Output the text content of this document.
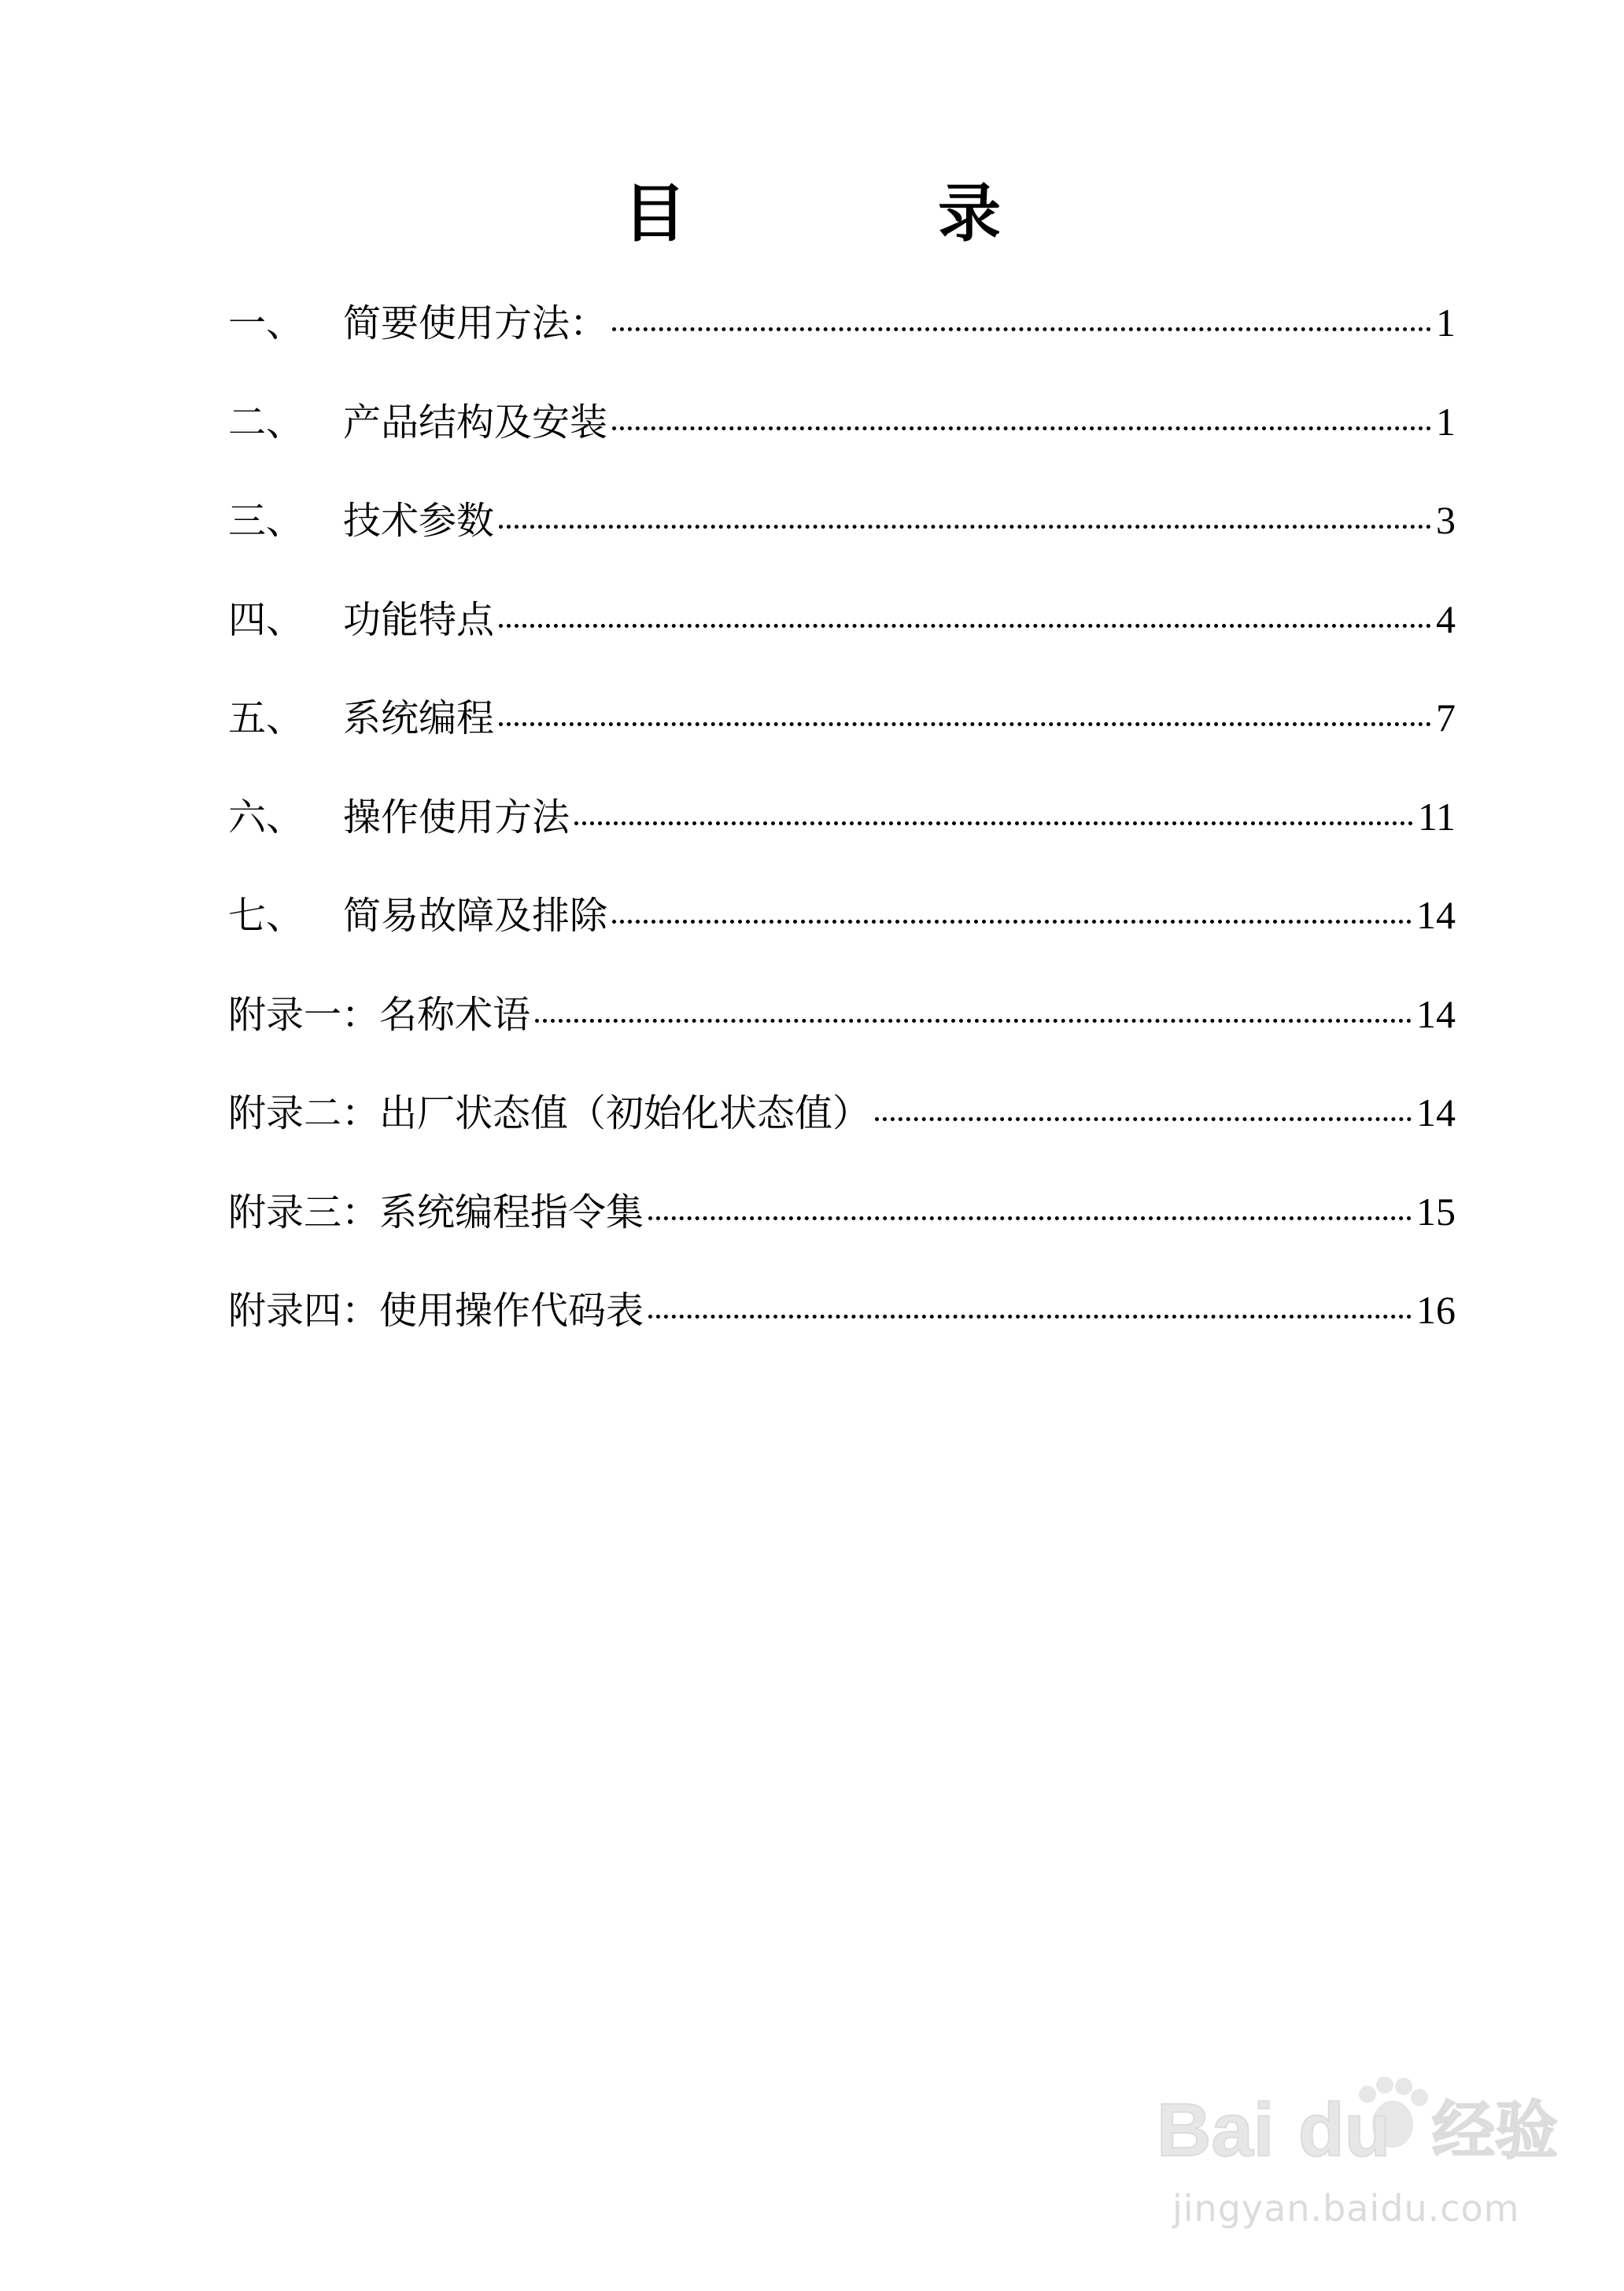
目　录
一、	简要使用方法：	1
二、	产品结构及安装	1
三、	技术参数	3
四、	功能特点	4
五、	系统编程	7
六、	操作使用方法	11
七、	简易故障及排除	14
附录一： 名称术语	14
附录二： 出厂状态值（初始化状态值）	14
附录三： 系统编程指令集	15
附录四： 使用操作代码表	16
Bai du 经验
jingyan.baidu.com
